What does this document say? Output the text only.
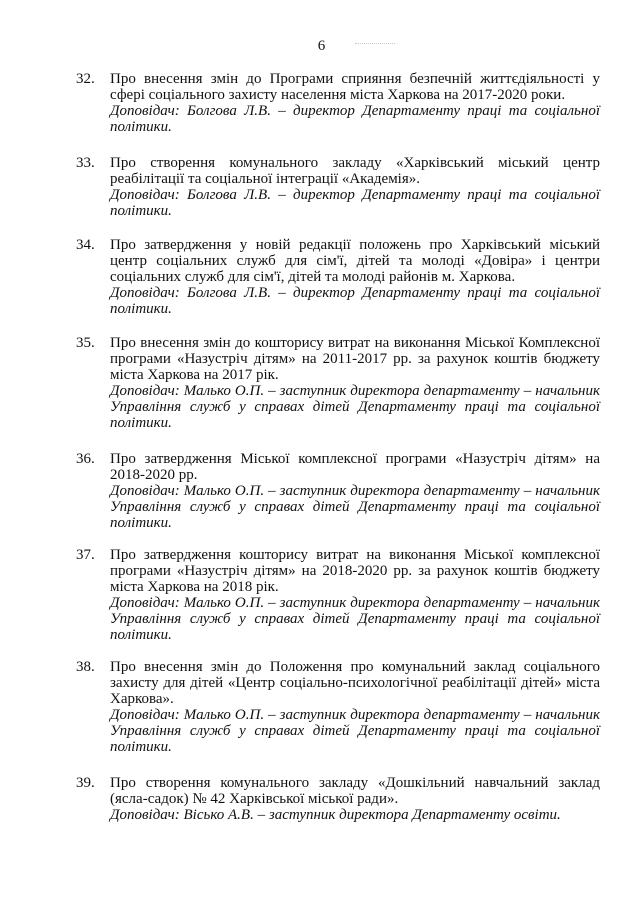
6
32.	Про внесення змін до Програми сприяння безпечній життєдіяльності у сфері соціального захисту населення міста Харкова на 2017-2020 роки.
Доповідач: Болгова Л.В. – директор Департаменту праці та соціальної політики.
33.	Про створення комунального закладу «Харківський міський центр реабілітації та соціальної інтеграції «Академія».
Доповідач: Болгова Л.В. – директор Департаменту праці та соціальної політики.
34.	Про затвердження у новій редакції положень про Харківський міський центр соціальних служб для сім'ї, дітей та молоді «Довіра» і центри соціальних служб для сім'ї, дітей та молоді районів м. Харкова.
Доповідач: Болгова Л.В. – директор Департаменту праці та соціальної політики.
35.	Про внесення змін до кошторису витрат на виконання Міської Комплексної програми «Назустріч дітям» на 2011-2017 рр. за рахунок коштів бюджету міста Харкова на 2017 рік.
Доповідач: Малько О.П. – заступник директора департаменту – начальник Управління служб у справах дітей Департаменту праці та соціальної політики.
36.	Про затвердження Міської комплексної програми «Назустріч дітям» на 2018-2020 рр.
Доповідач: Малько О.П. – заступник директора департаменту – начальник Управління служб у справах дітей Департаменту праці та соціальної політики.
37.	Про затвердження кошторису витрат на виконання Міської комплексної програми «Назустріч дітям» на 2018-2020 рр. за рахунок коштів бюджету міста Харкова на 2018 рік.
Доповідач: Малько О.П. – заступник директора департаменту – начальник Управління служб у справах дітей Департаменту праці та соціальної політики.
38.	Про внесення змін до Положення про комунальний заклад соціального захисту для дітей «Центр соціально-психологічної реабілітації дітей» міста Харкова».
Доповідач: Малько О.П. – заступник директора департаменту – начальник Управління служб у справах дітей Департаменту праці та соціальної політики.
39.	Про створення комунального закладу «Дошкільний навчальний заклад (ясла-садок) № 42 Харківської міської ради».
Доповідач: Вісько А.В. – заступник директора Департаменту освіти.
